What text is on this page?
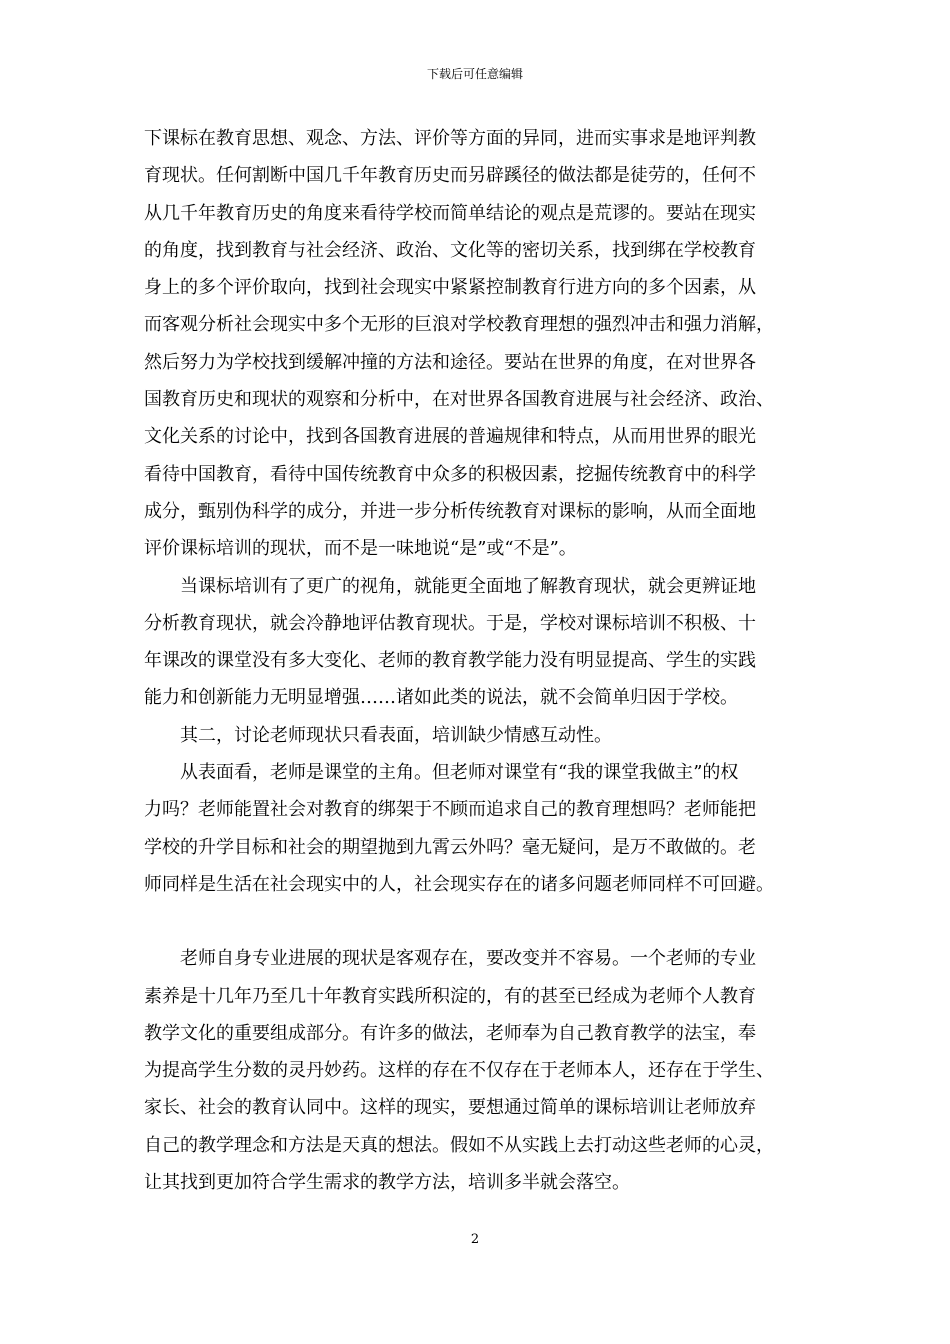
下载后可任意编辑

下课标在教育思想、观念、方法、评价等方面的异同，进而实事求是地评判教
育现状。任何割断中国几千年教育历史而另辟蹊径的做法都是徒劳的，任何不
从几千年教育历史的角度来看待学校而简单结论的观点是荒谬的。要站在现实
的角度，找到教育与社会经济、政治、文化等的密切关系，找到绑在学校教育
身上的多个评价取向，找到社会现实中紧紧控制教育行进方向的多个因素，从
而客观分析社会现实中多个无形的巨浪对学校教育理想的强烈冲击和强力消解，
然后努力为学校找到缓解冲撞的方法和途径。要站在世界的角度，在对世界各
国教育历史和现状的观察和分析中，在对世界各国教育进展与社会经济、政治、
文化关系的讨论中，找到各国教育进展的普遍规律和特点，从而用世界的眼光
看待中国教育，看待中国传统教育中众多的积极因素，挖掘传统教育中的科学
成分，甄别伪科学的成分，并进一步分析传统教育对课标的影响，从而全面地
评价课标培训的现状，而不是一味地说“是”或“不是”。

当课标培训有了更广的视角，就能更全面地了解教育现状，就会更辨证地
分析教育现状，就会冷静地评估教育现状。于是，学校对课标培训不积极、十
年课改的课堂没有多大变化、老师的教育教学能力没有明显提高、学生的实践
能力和创新能力无明显增强……诸如此类的说法，就不会简单归因于学校。

其二，讨论老师现状只看表面，培训缺少情感互动性。

从表面看，老师是课堂的主角。但老师对课堂有“我的课堂我做主”的权
力吗？老师能置社会对教育的绑架于不顾而追求自己的教育理想吗？老师能把
学校的升学目标和社会的期望抛到九霄云外吗？毫无疑问，是万不敢做的。老
师同样是生活在社会现实中的人，社会现实存在的诸多问题老师同样不可回避。

老师自身专业进展的现状是客观存在，要改变并不容易。一个老师的专业
素养是十几年乃至几十年教育实践所积淀的，有的甚至已经成为老师个人教育
教学文化的重要组成部分。有许多的做法，老师奉为自己教育教学的法宝，奉
为提高学生分数的灵丹妙药。这样的存在不仅存在于老师本人，还存在于学生、
家长、社会的教育认同中。这样的现实，要想通过简单的课标培训让老师放弃
自己的教学理念和方法是天真的想法。假如不从实践上去打动这些老师的心灵，
让其找到更加符合学生需求的教学方法，培训多半就会落空。

2
